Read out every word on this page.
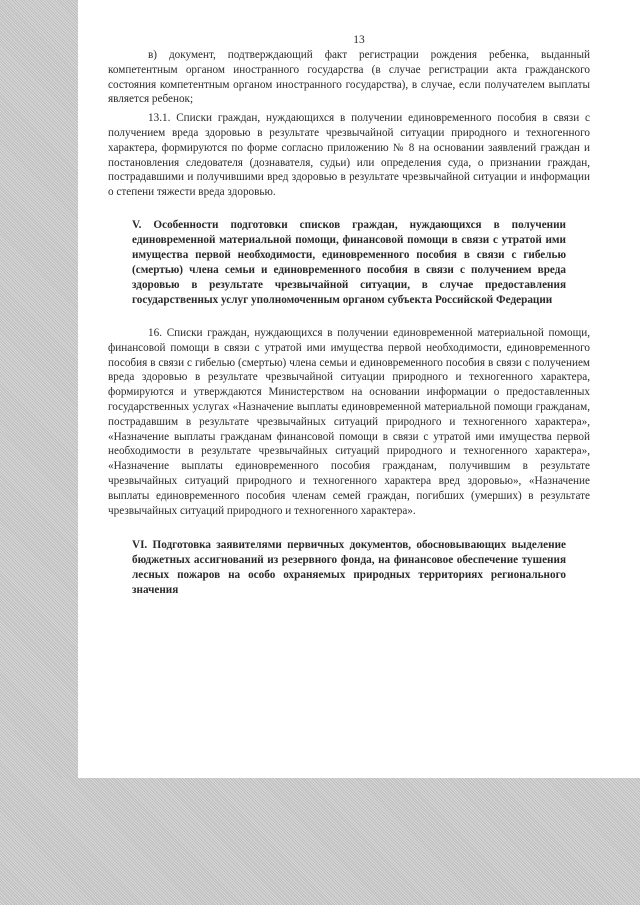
13

в) документ, подтверждающий факт регистрации рождения ребенка, выданный компетентным органом иностранного государства (в случае регистрации акта гражданского состояния компетентным органом иностранного государства), в случае, если получателем выплаты является ребенок;

13.1. Списки граждан, нуждающихся в получении единовременного пособия в связи с получением вреда здоровью в результате чрезвычайной ситуации природного и техногенного характера, формируются по форме согласно приложению № 8 на основании заявлений граждан и постановления следователя (дознавателя, судьи) или определения суда, о признании граждан, пострадавшими и получившими вред здоровью в результате чрезвычайной ситуации и информации о степени тяжести вреда здоровью.

V. Особенности подготовки списков граждан, нуждающихся в получении единовременной материальной помощи, финансовой помощи в связи с утратой ими имущества первой необходимости, единовременного пособия в связи с гибелью (смертью) члена семьи и единовременного пособия в связи с получением вреда здоровью в результате чрезвычайной ситуации, в случае предоставления государственных услуг уполномоченным органом субъекта Российской Федерации

16. Списки граждан, нуждающихся в получении единовременной материальной помощи, финансовой помощи в связи с утратой ими имущества первой необходимости, единовременного пособия в связи с гибелью (смертью) члена семьи и единовременного пособия в связи с получением вреда здоровью в результате чрезвычайной ситуации природного и техногенного характера, формируются и утверждаются Министерством на основании информации о предоставленных государственных услугах «Назначение выплаты единовременной материальной помощи гражданам, пострадавшим в результате чрезвычайных ситуаций природного и техногенного характера», «Назначение выплаты гражданам финансовой помощи в связи с утратой ими имущества первой необходимости в результате чрезвычайных ситуаций природного и техногенного характера», «Назначение выплаты единовременного пособия гражданам, получившим в результате чрезвычайных ситуаций природного и техногенного характера вред здоровью», «Назначение выплаты единовременного пособия членам семей граждан, погибших (умерших) в результате чрезвычайных ситуаций природного и техногенного характера».

VI. Подготовка заявителями первичных документов, обосновывающих выделение бюджетных ассигнований из резервного фонда, на финансовое обеспечение тушения лесных пожаров на особо охраняемых природных территориях регионального значения
